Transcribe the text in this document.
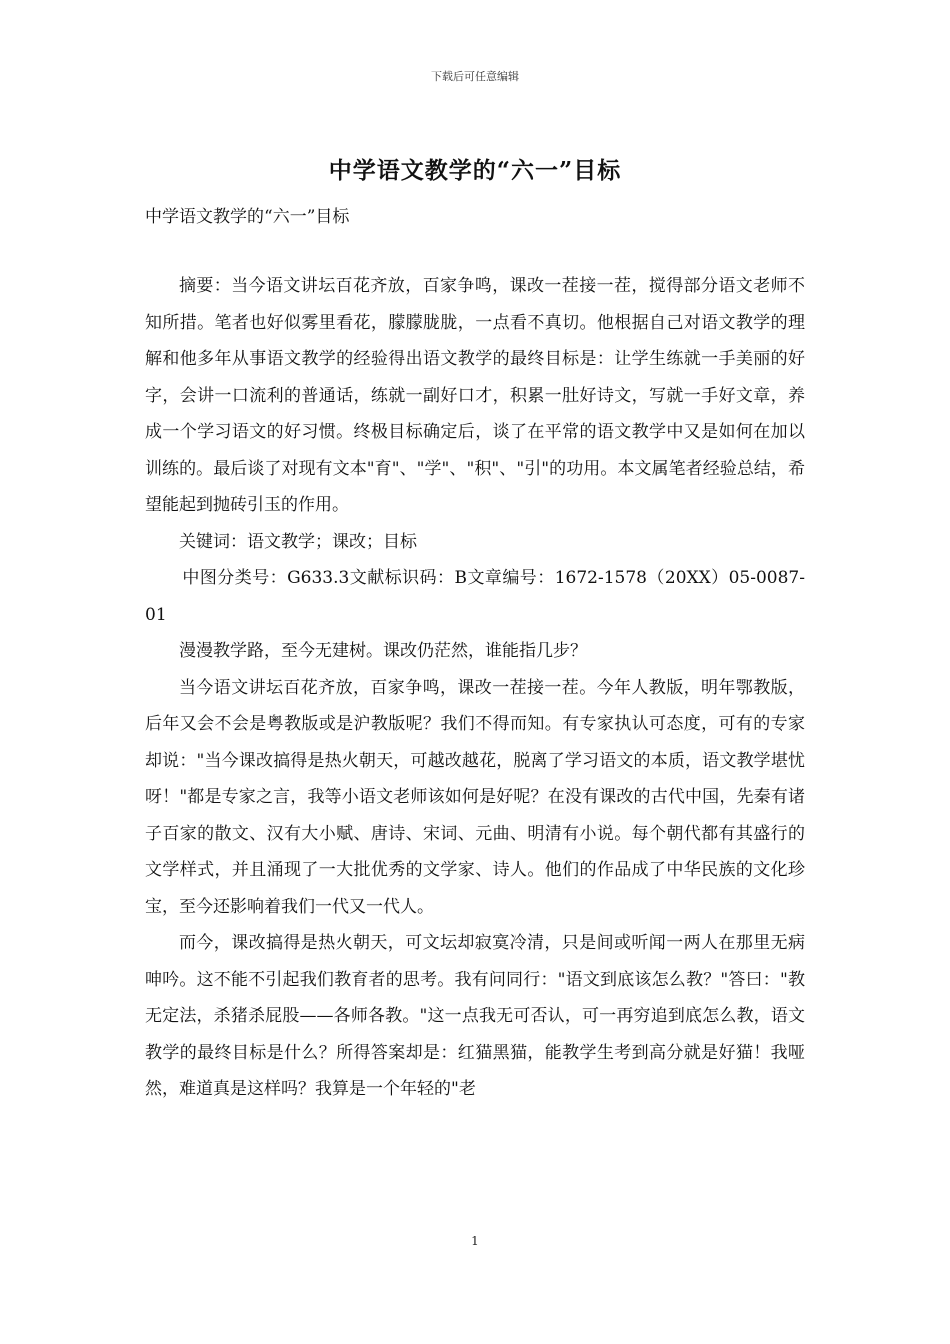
下载后可任意编辑
中学语文教学的“六一”目标
中学语文教学的“六一”目标

摘要：当今语文讲坛百花齐放，百家争鸣，课改一茬接一茬，搅得部分语文老师不知所措。笔者也好似雾里看花，朦朦胧胧，一点看不真切。他根据自己对语文教学的理解和他多年从事语文教学的经验得出语文教学的最终目标是：让学生练就一手美丽的好字，会讲一口流利的普通话，练就一副好口才，积累一肚好诗文，写就一手好文章，养成一个学习语文的好习惯。终极目标确定后，谈了在平常的语文教学中又是如何在加以训练的。最后谈了对现有文本"育"、"学"、"积"、"引"的功用。本文属笔者经验总结，希望能起到抛砖引玉的作用。

关键词：语文教学；课改；目标

中图分类号：G633.3文献标识码：B文章编号：1672-1578（20XX）05-0087-01

漫漫教学路，至今无建树。课改仍茫然，谁能指几步？

当今语文讲坛百花齐放，百家争鸣，课改一茬接一茬。今年人教版，明年鄂教版，后年又会不会是粤教版或是沪教版呢？我们不得而知。有专家执认可态度，可有的专家却说："当今课改搞得是热火朝天，可越改越花，脱离了学习语文的本质，语文教学堪忧呀！"都是专家之言，我等小语文老师该如何是好呢？在没有课改的古代中国，先秦有诸子百家的散文、汉有大小赋、唐诗、宋词、元曲、明清有小说。每个朝代都有其盛行的文学样式，并且涌现了一大批优秀的文学家、诗人。他们的作品成了中华民族的文化珍宝，至今还影响着我们一代又一代人。

而今，课改搞得是热火朝天，可文坛却寂寞冷清，只是间或听闻一两人在那里无病呻吟。这不能不引起我们教育者的思考。我有问同行："语文到底该怎么教？"答曰："教无定法，杀猪杀屁股——各师各教。"这一点我无可否认，可一再穷追到底怎么教，语文教学的最终目标是什么？所得答案却是：红猫黑猫，能教学生考到高分就是好猫！我哑然，难道真是这样吗？我算是一个年轻的"老

1
